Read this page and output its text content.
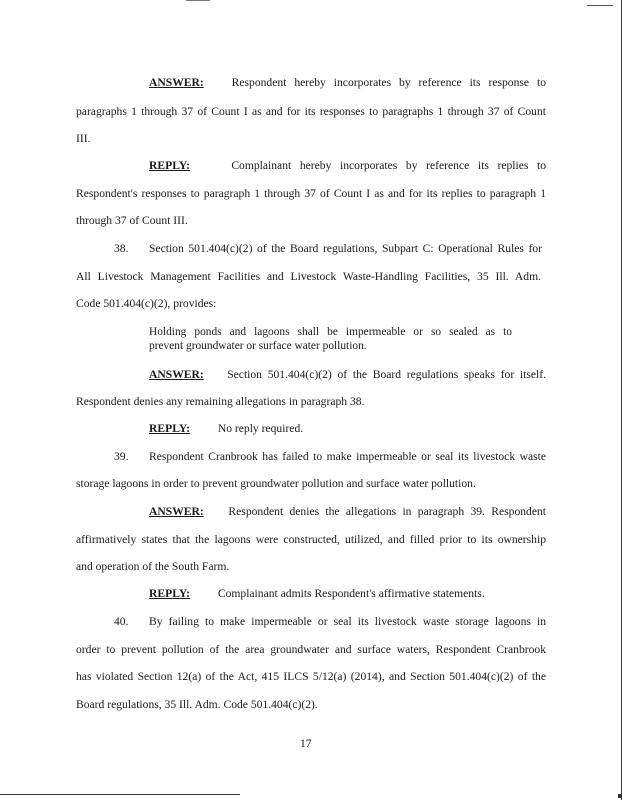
ANSWER: Respondent hereby incorporates by reference its response to
paragraphs 1 through 37 of Count I as and for its responses to paragraphs 1 through 37 of Count
III.
REPLY:	Complainant hereby incorporates by reference its replies to
Respondent's responses to paragraph 1 through 37 of Count I as and for its replies to paragraph 1
through 37 of Count III.
38. Section 501.404(c)(2) of the Board regulations, Subpart C: Operational Rules for
All Livestock Management Facilities and Livestock Waste-Handling Facilities, 35 Ill. Adm.
Code 501.404(c)(2), provides:
Holding ponds and lagoons shall be impermeable or so sealed as to
prevent groundwater or surface water pollution.
ANSWER: Section 501.404(c)(2) of the Board regulations speaks for itself.
Respondent denies any remaining allegations in paragraph 38.
REPLY: No reply required.
39. Respondent Cranbrook has failed to make impermeable or seal its livestock waste
storage lagoons in order to prevent groundwater pollution and surface water pollution.
ANSWER: Respondent denies the allegations in paragraph 39. Respondent
affirmatively states that the lagoons were constructed, utilized, and filled prior to its ownership
and operation of the South Farm.
REPLY: Complainant admits Respondent's affirmative statements.
40. By failing to make impermeable or seal its livestock waste storage lagoons in
order to prevent pollution of the area groundwater and surface waters, Respondent Cranbrook
has violated Section 12(a) of the Act, 415 ILCS 5/12(a) (2014), and Section 501.404(c)(2) of the
Board regulations, 35 Ill. Adm. Code 501.404(c)(2).
17
